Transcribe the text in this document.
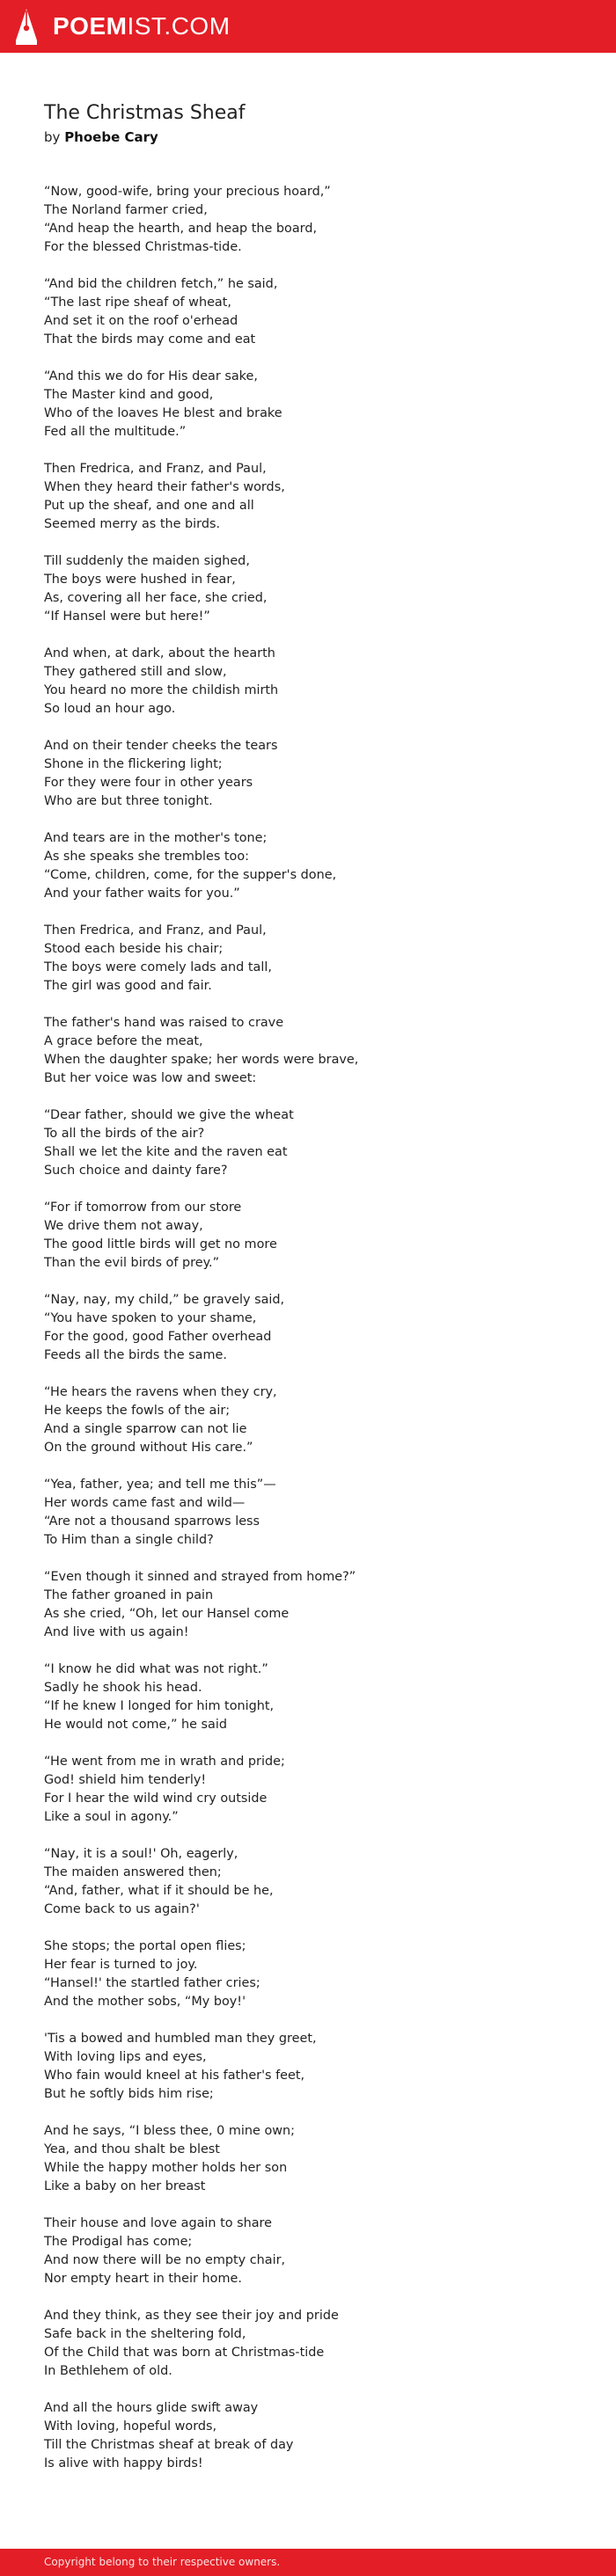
POEMIST.COM
The Christmas Sheaf
by Phoebe Cary
“Now, good-wife, bring your precious hoard,”
The Norland farmer cried,
“And heap the hearth, and heap the board,
For the blessed Christmas-tide.
“And bid the children fetch,” he said,
“The last ripe sheaf of wheat,
And set it on the roof o'erhead
That the birds may come and eat
“And this we do for His dear sake,
The Master kind and good,
Who of the loaves He blest and brake
Fed all the multitude.”
Then Fredrica, and Franz, and Paul,
When they heard their father's words,
Put up the sheaf, and one and all
Seemed merry as the birds.
Till suddenly the maiden sighed,
The boys were hushed in fear,
As, covering all her face, she cried,
“If Hansel were but here!”
And when, at dark, about the hearth
They gathered still and slow,
You heard no more the childish mirth
So loud an hour ago.
And on their tender cheeks the tears
Shone in the flickering light;
For they were four in other years
Who are but three tonight.
And tears are in the mother's tone;
As she speaks she trembles too:
“Come, children, come, for the supper's done,
And your father waits for you.”
Then Fredrica, and Franz, and Paul,
Stood each beside his chair;
The boys were comely lads and tall,
The girl was good and fair.
The father's hand was raised to crave
A grace before the meat,
When the daughter spake; her words were brave,
But her voice was low and sweet:
“Dear father, should we give the wheat
To all the birds of the air?
Shall we let the kite and the raven eat
Such choice and dainty fare?
“For if tomorrow from our store
We drive them not away,
The good little birds will get no more
Than the evil birds of prey.”
“Nay, nay, my child,” be gravely said,
“You have spoken to your shame,
For the good, good Father overhead
Feeds all the birds the same.
“He hears the ravens when they cry,
He keeps the fowls of the air;
And a single sparrow can not lie
On the ground without His care.”
“Yea, father, yea; and tell me this”—
Her words came fast and wild—
“Are not a thousand sparrows less
To Him than a single child?
“Even though it sinned and strayed from home?”
The father groaned in pain
As she cried, “Oh, let our Hansel come
And live with us again!
“I know he did what was not right.”
Sadly he shook his head.
“If he knew I longed for him tonight,
He would not come,” he said
“He went from me in wrath and pride;
God! shield him tenderly!
For I hear the wild wind cry outside
Like a soul in agony.”
“Nay, it is a soul!' Oh, eagerly,
The maiden answered then;
“And, father, what if it should be he,
Come back to us again?'
She stops; the portal open flies;
Her fear is turned to joy.
“Hansel!' the startled father cries;
And the mother sobs, “My boy!'
'Tis a bowed and humbled man they greet,
With loving lips and eyes,
Who fain would kneel at his father's feet,
But he softly bids him rise;
And he says, “I bless thee, 0 mine own;
Yea, and thou shalt be blest
While the happy mother holds her son
Like a baby on her breast
Their house and love again to share
The Prodigal has come;
And now there will be no empty chair,
Nor empty heart in their home.
And they think, as they see their joy and pride
Safe back in the sheltering fold,
Of the Child that was born at Christmas-tide
In Bethlehem of old.
And all the hours glide swift away
With loving, hopeful words,
Till the Christmas sheaf at break of day
Is alive with happy birds!
Copyright belong to their respective owners.
